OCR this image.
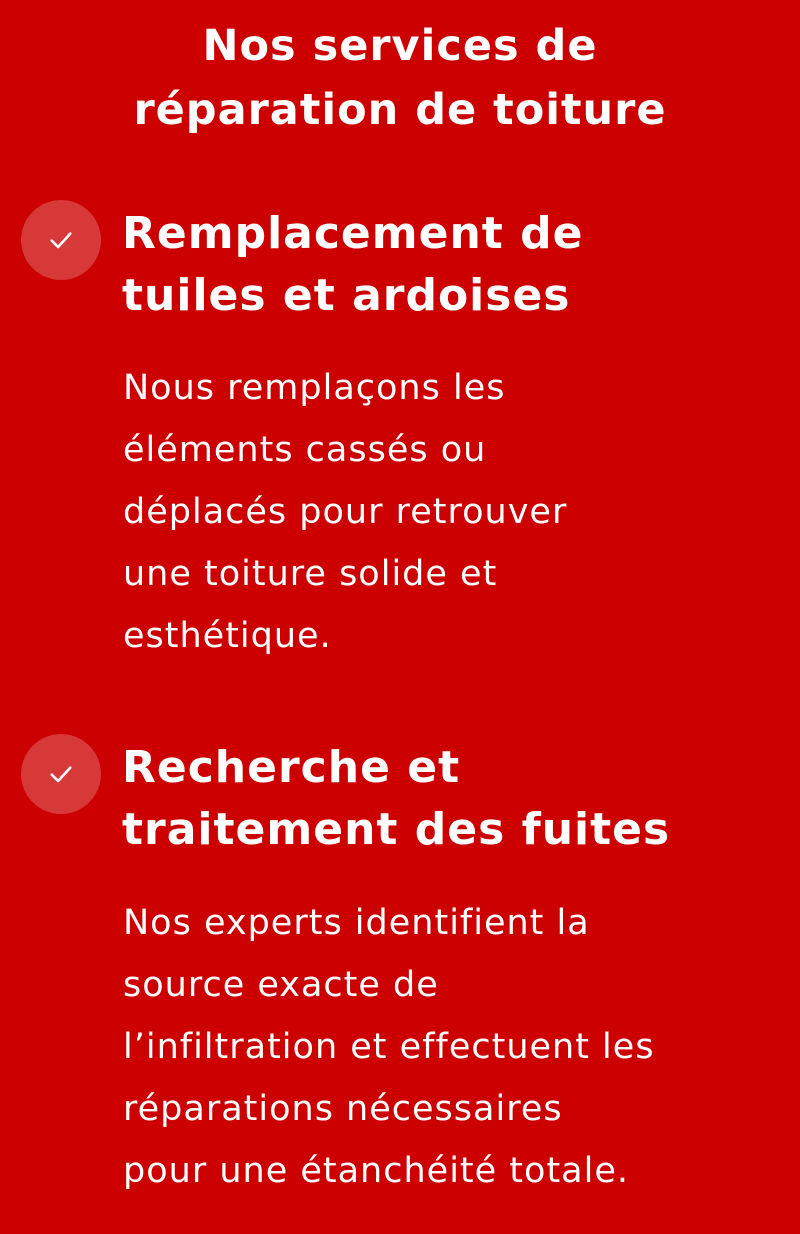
Nos services de
réparation de toiture
Remplacement de
tuiles et ardoises

Nous remplaçons les
éléments cassés ou
déplacés pour retrouver
une toiture solide et
esthétique.

Recherche et
traitement des fuites

Nos experts identifient la
source exacte de
l’infiltration et effectuent les
réparations nécessaires
pour une étanchéité totale.
